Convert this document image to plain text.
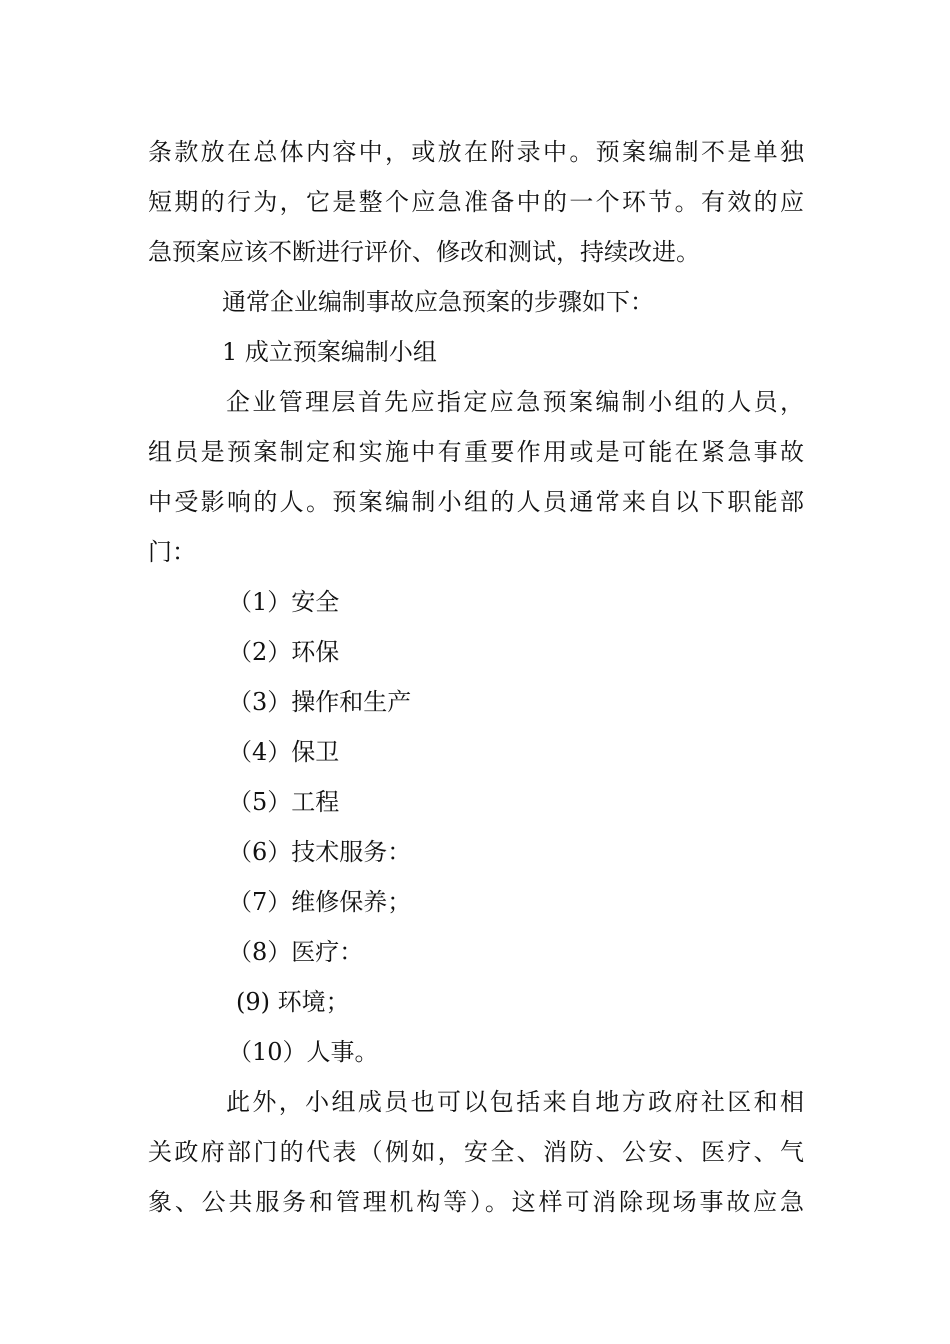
条款放在总体内容中，或放在附录中。预案编制不是单独
短期的行为，它是整个应急准备中的一个环节。有效的应
急预案应该不断进行评价、修改和测试，持续改进。
通常企业编制事故应急预案的步骤如下：
1 成立预案编制小组
企业管理层首先应指定应急预案编制小组的人员，
组员是预案制定和实施中有重要作用或是可能在紧急事故
中受影响的人。预案编制小组的人员通常来自以下职能部
门：
（1）安全
（2）环保
（3）操作和生产
（4）保卫
（5）工程
（6）技术服务：
（7）维修保养；
（8）医疗：
(9) 环境；
（10）人事。
此外，小组成员也可以包括来自地方政府社区和相
关政府部门的代表（例如，安全、消防、公安、医疗、气
象、公共服务和管理机构等）。这样可消除现场事故应急
